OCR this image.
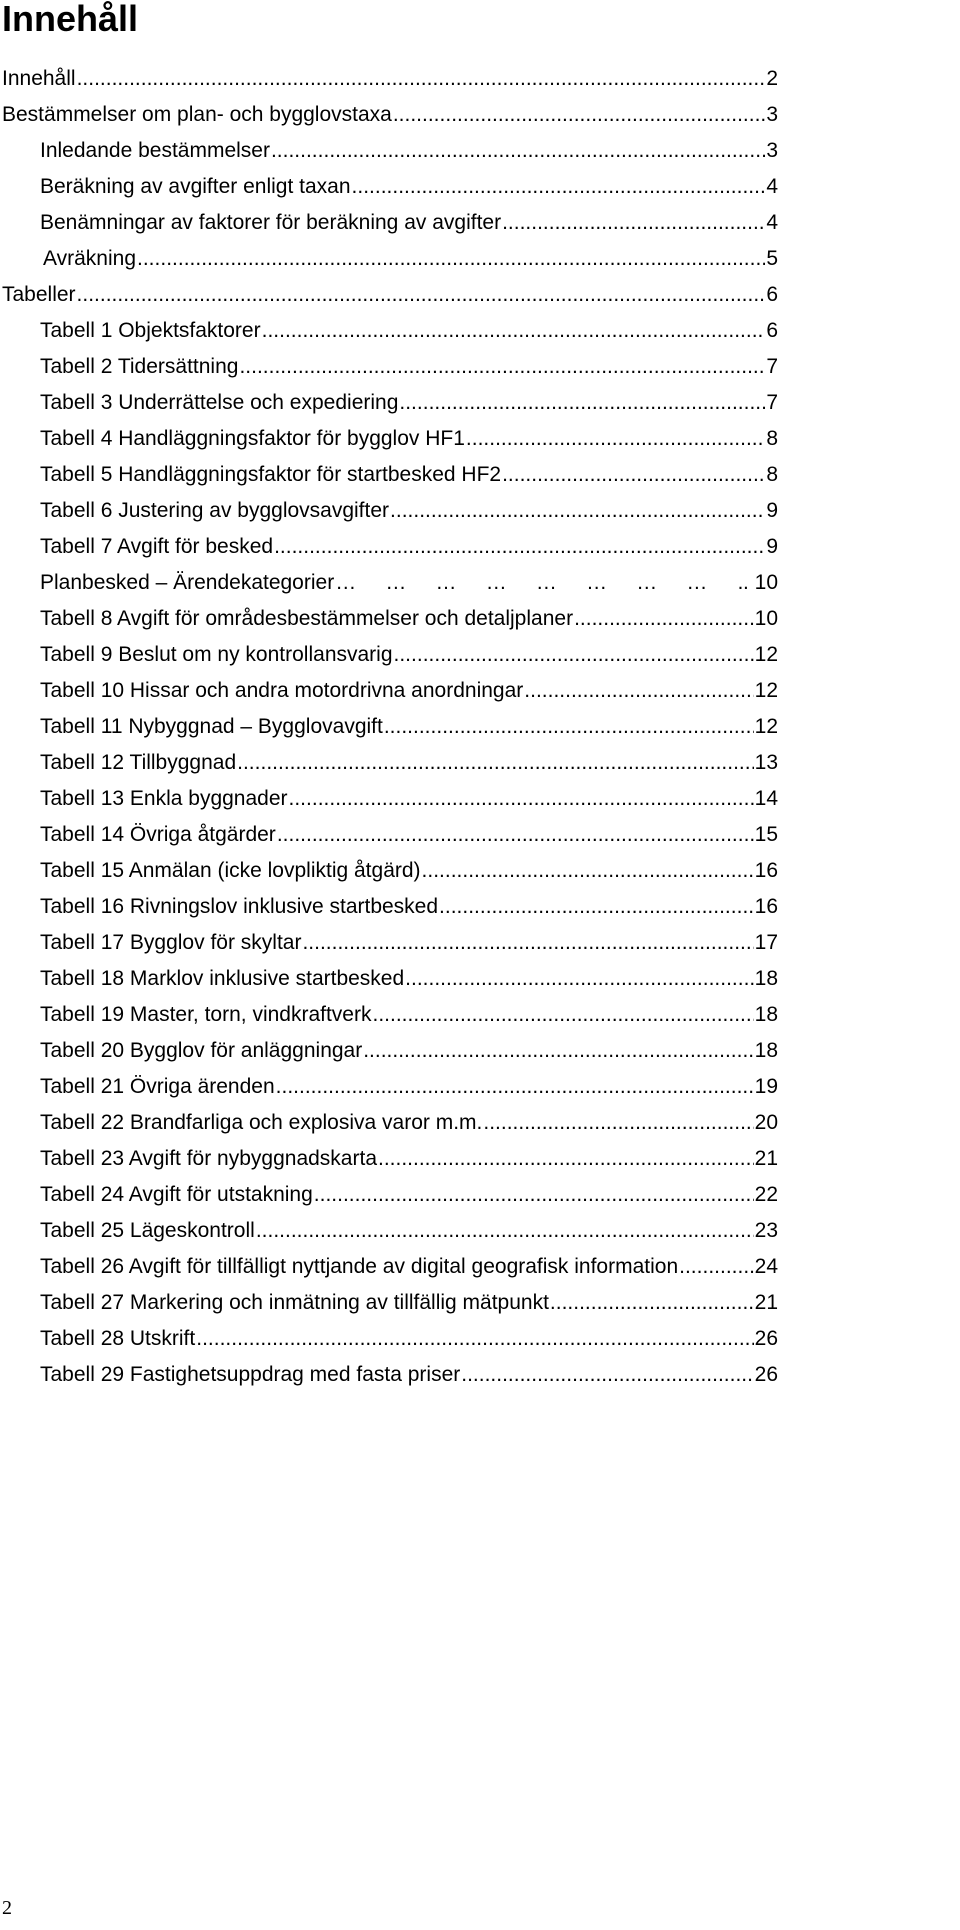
Innehåll
Innehåll .....	2
Bestämmelser om plan- och bygglovstaxa .....	3
Inledande bestämmelser .....	3
Beräkning av avgifter enligt taxan .....	4
Benämningar av faktorer för beräkning av avgifter .....	4
Avräkning .....	5
Tabeller .....	6
Tabell 1 Objektsfaktorer .....	6
Tabell 2 Tidersättning .....	7
Tabell 3 Underrättelse och expediering .....	7
Tabell 4 Handläggningsfaktor för bygglov HF1 .....	8
Tabell 5 Handläggningsfaktor för startbesked HF2 .....	8
Tabell 6 Justering av bygglovsavgifter .....	9
Tabell 7 Avgift för besked .....	9
Planbesked – Ärendekategorier …     …     …     …     …     …     …     …     …     …     …     …     …	. 10
Tabell 8 Avgift för områdesbestämmelser och detaljplaner .....	10
Tabell 9 Beslut om ny kontrollansvarig .....	12
Tabell 10 Hissar och andra motordrivna anordningar .....	12
Tabell 11 Nybyggnad – Bygglovavgift .....	12
Tabell 12 Tillbyggnad .....	13
Tabell 13 Enkla byggnader .....	14
Tabell 14 Övriga åtgärder .....	15
Tabell 15 Anmälan (icke lovpliktig åtgärd) .....	16
Tabell 16 Rivningslov inklusive startbesked .....	16
Tabell 17 Bygglov för skyltar .....	17
Tabell 18 Marklov inklusive startbesked .....	18
Tabell 19 Master, torn, vindkraftverk .....	18
Tabell 20 Bygglov för anläggningar .....	18
Tabell 21 Övriga ärenden .....	19
Tabell 22 Brandfarliga och explosiva varor m.m. .....	20
Tabell 23 Avgift för nybyggnadskarta .....	21
Tabell 24 Avgift för utstakning .....	22
Tabell 25 Lägeskontroll .....	23
Tabell 26 Avgift för tillfälligt nyttjande av digital geografisk information .....	24
Tabell 27 Markering och inmätning av tillfällig mätpunkt .....	21
Tabell 28 Utskrift .....	26
Tabell 29 Fastighetsuppdrag med fasta priser .....	26
2
